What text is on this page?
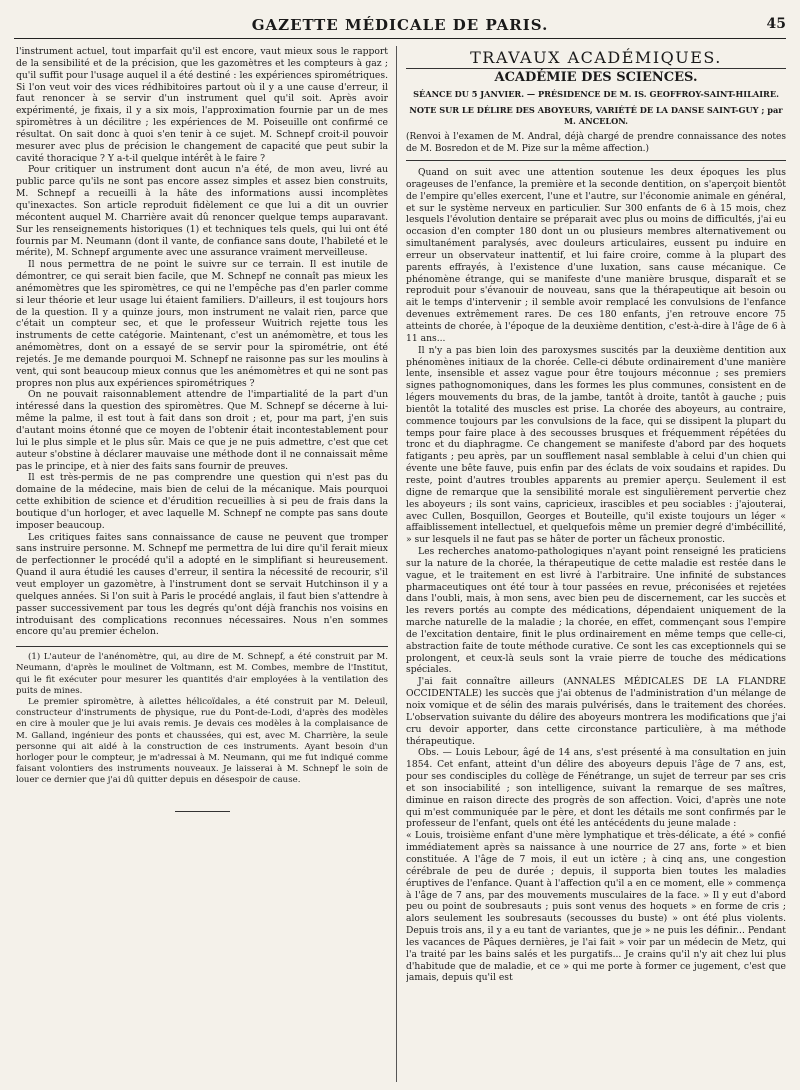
GAZETTE MÉDICALE DE PARIS.	45

l'instrument actuel, tout imparfait qu'il est encore, vaut mieux sous le rapport de la sensibilité et de la précision, que les gazomètres et les compteurs à gaz ; qu'il suffit pour l'usage auquel il a été destiné : les expériences spirométriques. Si l'on veut voir des vices rédhibitoires partout où il y a une cause d'erreur, il faut renoncer à se servir d'un instrument quel qu'il soit. Après avoir expérimenté, je fixais, il y a six mois, l'approximation fournie par un de mes spiromètres à un décilitre ; les expériences de M. Poiseuille ont confirmé ce résultat. On sait donc à quoi s'en tenir à ce sujet. M. Schnepf croit-il pouvoir mesurer avec plus de précision le changement de capacité que peut subir la cavité thoracique ? Y a-t-il quelque intérêt à le faire ?

Pour critiquer un instrument dont aucun n'a été, de mon aveu, livré au public parce qu'ils ne sont pas encore assez simples et assez bien construits, M. Schnepf a recueilli à la hâte des informations aussi incomplètes qu'inexactes. Son article reproduit fidèlement ce que lui a dit un ouvrier mécontent auquel M. Charrière avait dû renoncer quelque temps auparavant. Sur les renseignements historiques (1) et techniques tels quels, qui lui ont été fournis par M. Neumann (dont il vante, de confiance sans doute, l'habileté et le mérite), M. Schnepf argumente avec une assurance vraiment merveilleuse.

Il nous permettra de ne point le suivre sur ce terrain. Il est inutile de démontrer, ce qui serait bien facile, que M. Schnepf ne connaît pas mieux les anémomètres que les spiromètres, ce qui ne l'empêche pas d'en parler comme si leur théorie et leur usage lui étaient familiers. D'ailleurs, il est toujours hors de la question. Il y a quinze jours, mon instrument ne valait rien, parce que c'était un compteur sec, et que le professeur Wuitrich rejette tous les instruments de cette catégorie. Maintenant, c'est un anémomètre, et tous les anémomètres, dont on a essayé de se servir pour la spirométrie, ont été rejetés. Je me demande pourquoi M. Schnepf ne raisonne pas sur les moulins à vent, qui sont beaucoup mieux connus que les anémomètres et qui ne sont pas propres non plus aux expériences spirométriques ?

On ne pouvait raisonnablement attendre de l'impartialité de la part d'un intéressé dans la question des spiromètres. Que M. Schnepf se décerne à lui-même la palme, il est tout à fait dans son droit ; et, pour ma part, j'en suis d'autant moins étonné que ce moyen de l'obtenir était incontestablement pour lui le plus simple et le plus sûr. Mais ce que je ne puis admettre, c'est que cet auteur s'obstine à déclarer mauvaise une méthode dont il ne connaissait même pas le principe, et à nier des faits sans fournir de preuves.

Il est très-permis de ne pas comprendre une question qui n'est pas du domaine de la médecine, mais bien de celui de la mécanique. Mais pourquoi cette exhibition de science et d'érudition recueillies à si peu de frais dans la boutique d'un horloger, et avec laquelle M. Schnepf ne compte pas sans doute imposer beaucoup.

Les critiques faites sans connaissance de cause ne peuvent que tromper sans instruire personne. M. Schnepf me permettra de lui dire qu'il ferait mieux de perfectionner le procédé qu'il a adopté en le simplifiant si heureusement. Quand il aura étudié les causes d'erreur, il sentira la nécessité de recourir, s'il veut employer un gazomètre, à l'instrument dont se servait Hutchinson il y a quelques années. Si l'on suit à Paris le procédé anglais, il faut bien s'attendre à passer successivement par tous les degrés qu'ont déjà franchis nos voisins en introduisant des complications reconnues nécessaires. Nous n'en sommes encore qu'au premier échelon.

(1) L'auteur de l'anénomètre, qui, au dire de M. Schnepf, a été construit par M. Neumann, d'après le moulinet de Voltmann, est M. Combes, membre de l'Institut, qui le fit exécuter pour mesurer les quantités d'air employées à la ventilation des puits de mines.

Le premier spiromètre, à ailettes hélicoïdales, a été construit par M. Deleuil, constructeur d'instruments de physique, rue du Pont-de-Lodi, d'après des modèles en cire à mouler que je lui avais remis. Je devais ces modèles à la complaisance de M. Galland, ingénieur des ponts et chaussées, qui est, avec M. Charrière, la seule personne qui ait aidé à la construction de ces instruments. Ayant besoin d'un horloger pour le compteur, je m'adressai à M. Neumann, qui me fut indiqué comme faisant volontiers des instruments nouveaux. Je laisserai à M. Schnepf le soin de louer ce dernier que j'ai dû quitter depuis en désespoir de cause.

TRAVAUX ACADÉMIQUES.
ACADÉMIE DES SCIENCES.
SÉANCE DU 5 JANVIER. — PRÉSIDENCE DE M. IS. GEOFFROY-SAINT-HILAIRE.
NOTE SUR LE DÉLIRE DES ABOYEURS, VARIÉTÉ DE LA DANSE SAINT-GUY ; par M. ANCELON.

(Renvoi à l'examen de M. Andral, déjà chargé de prendre connaissance des notes de M. Bosredon et de M. Pize sur la même affection.)

Quand on suit avec une attention soutenue les deux époques les plus orageuses de l'enfance, la première et la seconde dentition, on s'aperçoit bientôt de l'empire qu'elles exercent, l'une et l'autre, sur l'économie animale en général, et sur le système nerveux en particulier. Sur 300 enfants de 6 à 15 mois, chez lesquels l'évolution dentaire se préparait avec plus ou moins de difficultés, j'ai eu occasion d'en compter 180 dont un ou plusieurs membres alternativement ou simultanément paralysés, avec douleurs articulaires, eussent pu induire en erreur un observateur inattentif, et lui faire croire, comme à la plupart des parents effrayés, à l'existence d'une luxation, sans cause mécanique. Ce phénomène étrange, qui se manifeste d'une manière brusque, disparaît et se reproduit pour s'évanouir de nouveau, sans que la thérapeutique ait besoin ou ait le temps d'intervenir ; il semble avoir remplacé les convulsions de l'enfance devenues extrêmement rares. De ces 180 enfants, j'en retrouve encore 75 atteints de chorée, à l'époque de la deuxième dentition, c'est-à-dire à l'âge de 6 à 11 ans...

Il n'y a pas bien loin des paroxysmes suscités par la deuxième dentition aux phénomènes initiaux de la chorée. Celle-ci débute ordinairement d'une manière lente, insensible et assez vague pour être toujours méconnue ; ses premiers signes pathognomoniques, dans les formes les plus communes, consistent en de légers mouvements du bras, de la jambe, tantôt à droite, tantôt à gauche ; puis bientôt la totalité des muscles est prise. La chorée des aboyeurs, au contraire, commence toujours par les convulsions de la face, qui se dissipent la plupart du temps pour faire place à des secousses brusques et fréquemment répétées du tronc et du diaphragme. Ce changement se manifeste d'abord par des hoquets fatigants ; peu après, par un soufflement nasal semblable à celui d'un chien qui évente une bête fauve, puis enfin par des éclats de voix soudains et rapides. Du reste, point d'autres troubles apparents au premier aperçu. Seulement il est digne de remarque que la sensibilité morale est singulièrement pervertie chez les aboyeurs ; ils sont vains, capricieux, irascibles et peu sociables : j'ajouterai, avec Cullen, Bosquillon, Georges et Bouteille, qu'il existe toujours un léger « affaiblissement intellectuel, et quelquefois même un premier degré d'imbécillité, » sur lesquels il ne faut pas se hâter de porter un fâcheux pronostic.

Les recherches anatomo-pathologiques n'ayant point renseigné les praticiens sur la nature de la chorée, la thérapeutique de cette maladie est restée dans le vague, et le traitement en est livré à l'arbitraire. Une infinité de substances pharmaceutiques ont été tour à tour passées en revue, préconisées et rejetées dans l'oubli, mais, à mon sens, avec bien peu de discernement, car les succès et les revers portés au compte des médications, dépendaient uniquement de la marche naturelle de la maladie ; la chorée, en effet, commençant sous l'empire de l'excitation dentaire, finit le plus ordinairement en même temps que celle-ci, abstraction faite de toute méthode curative. Ce sont les cas exceptionnels qui se prolongent, et ceux-là seuls sont la vraie pierre de touche des médications spéciales.

J'ai fait connaître ailleurs (ANNALES MÉDICALES DE LA FLANDRE OCCIDENTALE) les succès que j'ai obtenus de l'administration d'un mélange de noix vomique et de sélin des marais pulvérisés, dans le traitement des chorées. L'observation suivante du délire des aboyeurs montrera les modifications que j'ai cru devoir apporter, dans cette circonstance particulière, à ma méthode thérapeutique.

Obs. — Louis Lebour, âgé de 14 ans, s'est présenté à ma consultation en juin 1854. Cet enfant, atteint d'un délire des aboyeurs depuis l'âge de 7 ans, est, pour ses condisciples du collège de Fénétrange, un sujet de terreur par ses cris et son insociabilité ; son intelligence, suivant la remarque de ses maîtres, diminue en raison directe des progrès de son affection. Voici, d'après une note qui m'est communiquée par le père, et dont les détails me sont confirmés par le professeur de l'enfant, quels ont été les antécédents du jeune malade :

« Louis, troisième enfant d'une mère lymphatique et très-délicate, a été » confié immédiatement après sa naissance à une nourrice de 27 ans, forte » et bien constituée. A l'âge de 7 mois, il eut un ictère ; à cinq ans, une congestion cérébrale de peu de durée ; depuis, il supporta bien toutes les maladies éruptives de l'enfance. Quant à l'affection qu'il a en ce moment, elle » commença à l'âge de 7 ans, par des mouvements musculaires de la face. » Il y eut d'abord peu ou point de soubresauts ; puis sont venus des hoquets » en forme de cris ; alors seulement les soubresauts (secousses du buste) » ont été plus violents. Depuis trois ans, il y a eu tant de variantes, que je » ne puis les définir... Pendant les vacances de Pâques dernières, je l'ai fait » voir par un médecin de Metz, qui l'a traité par les bains salés et les purgatifs... Je crains qu'il n'y ait chez lui plus d'habitude que de maladie, et ce » qui me porte à former ce jugement, c'est que jamais, depuis qu'il est
